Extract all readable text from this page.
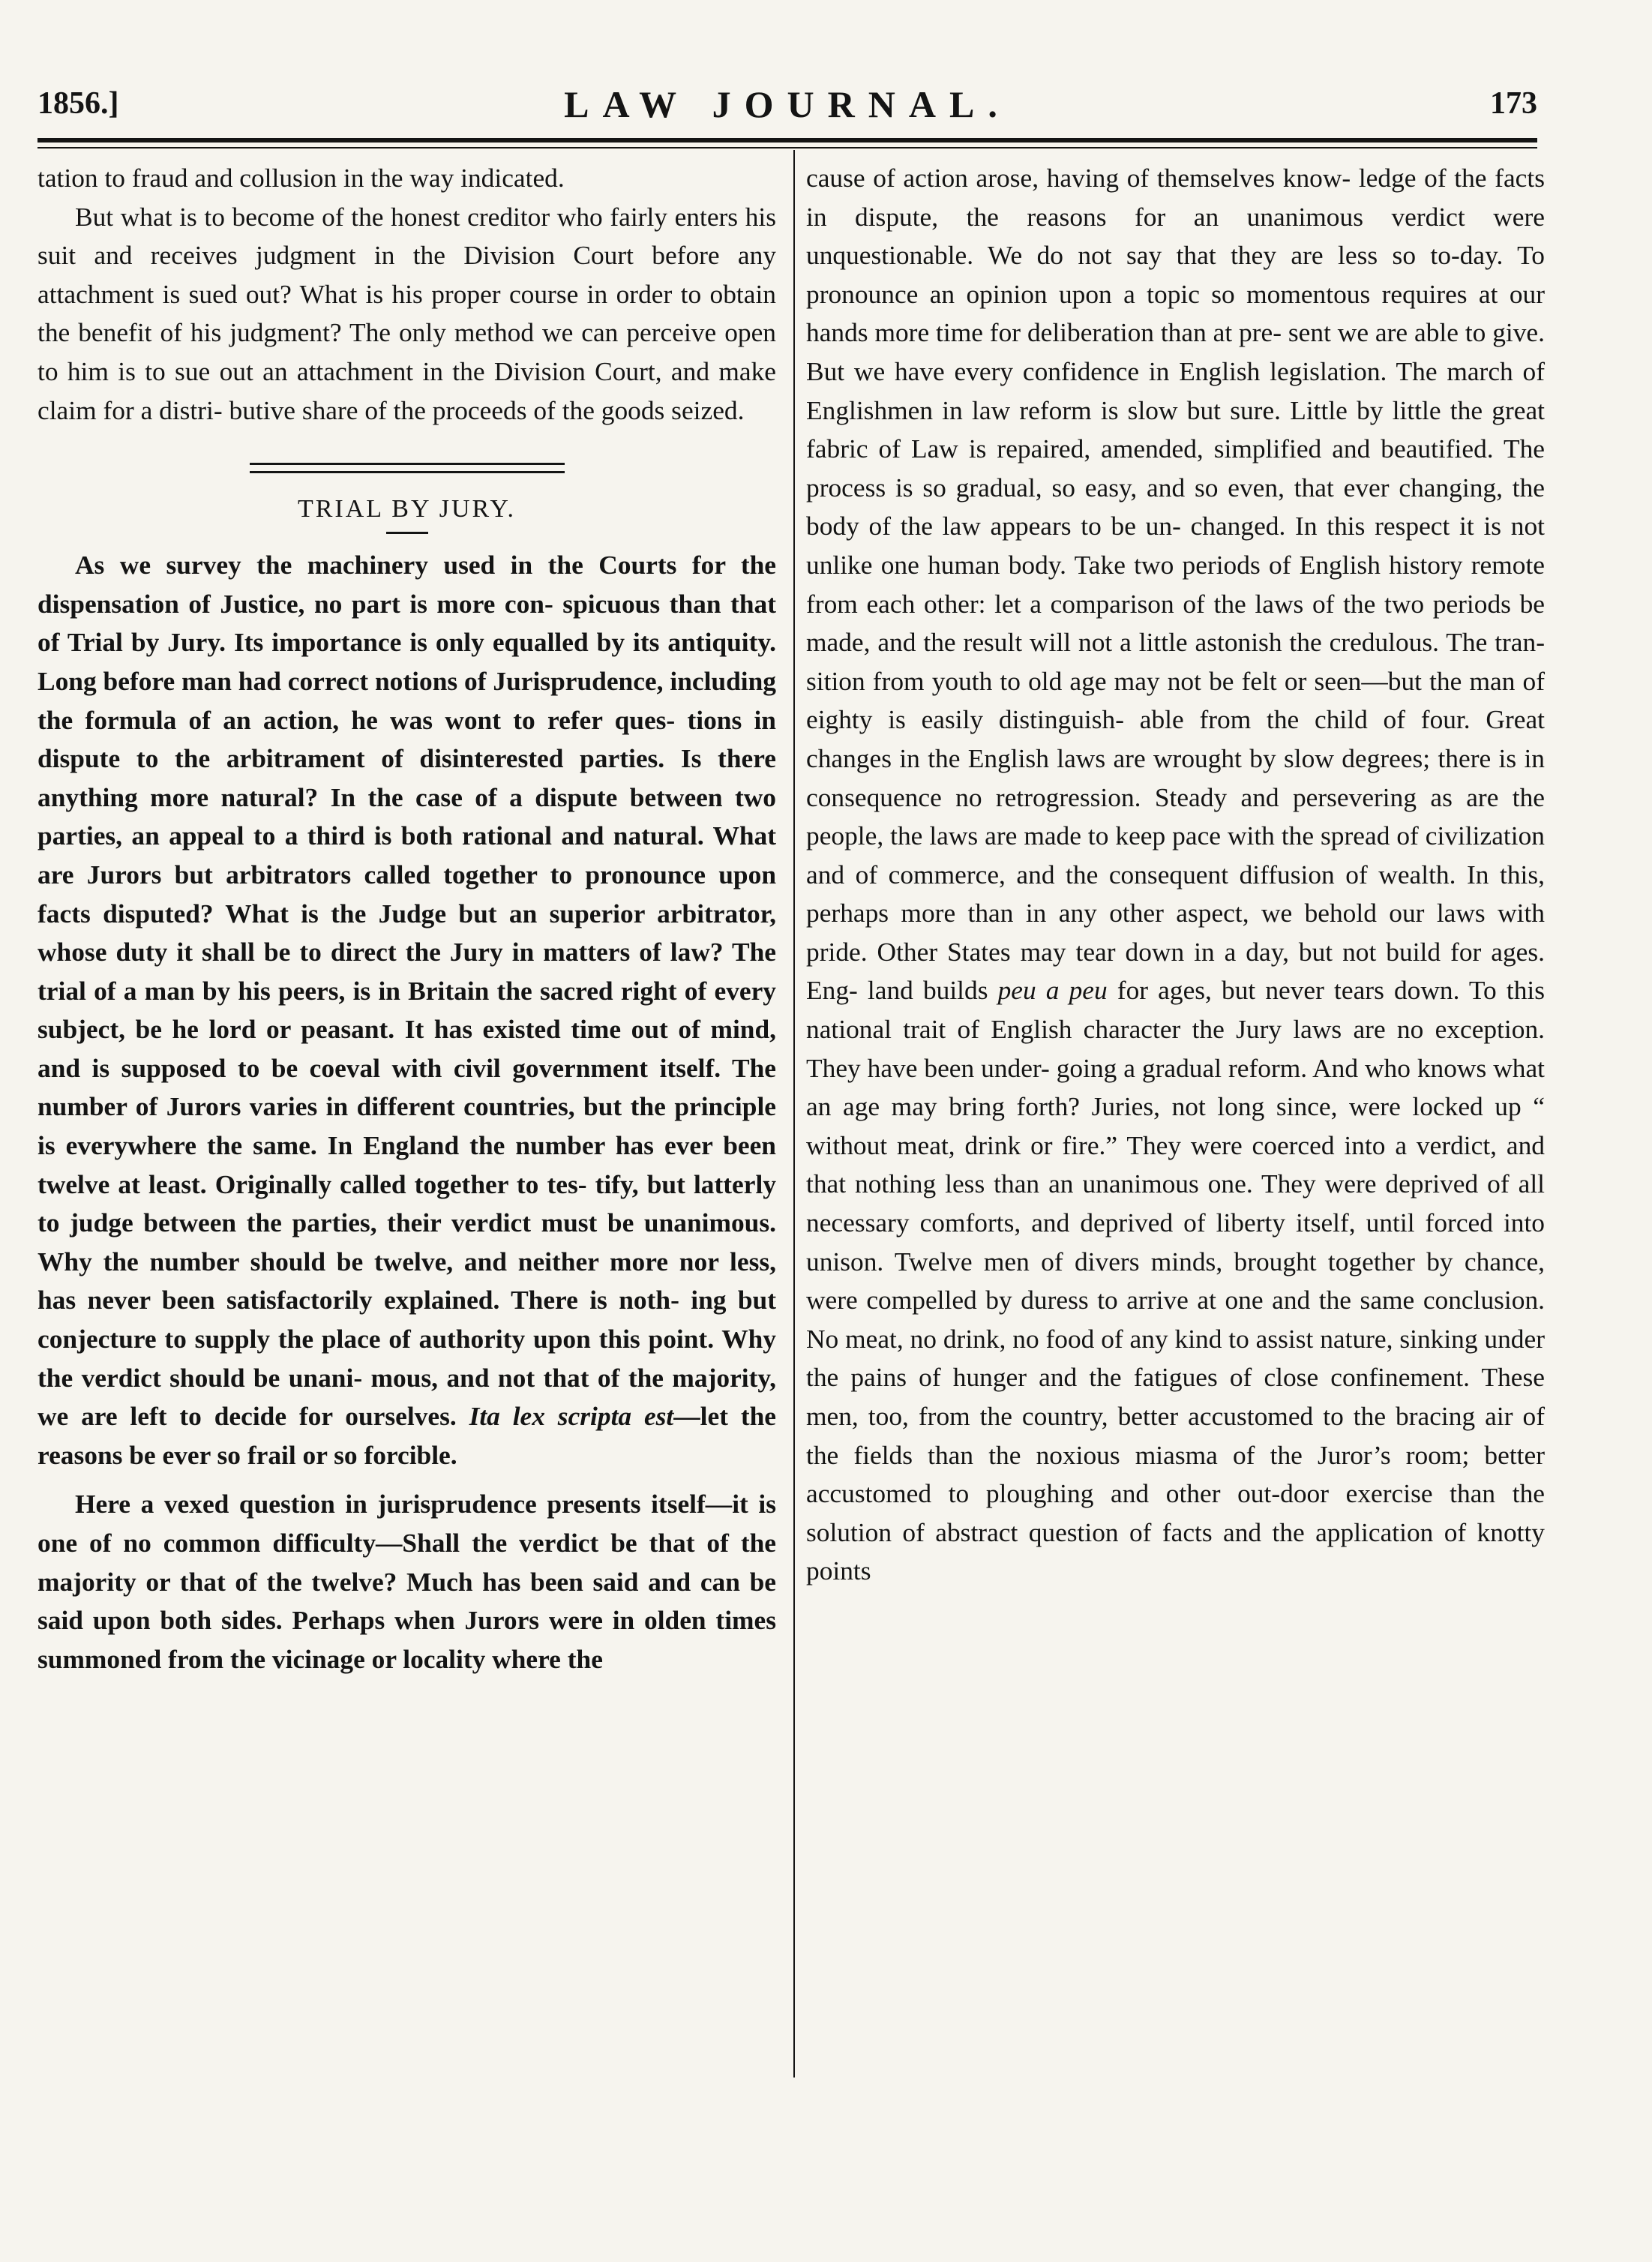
1856.]	LAW JOURNAL.	173

tation to fraud and collusion in the way indicated.

But what is to become of the honest creditor who fairly enters his suit and receives judgment in the Division Court before any attachment is sued out? What is his proper course in order to obtain the benefit of his judgment? The only method we can perceive open to him is to sue out an attachment in the Division Court, and make claim for a distri- butive share of the proceeds of the goods seized.

TRIAL BY JURY.

As we survey the machinery used in the Courts for the dispensation of Justice, no part is more con- spicuous than that of Trial by Jury. Its importance is only equalled by its antiquity. Long before man had correct notions of Jurisprudence, including the formula of an action, he was wont to refer ques- tions in dispute to the arbitrament of disinterested parties. Is there anything more natural? In the case of a dispute between two parties, an appeal to a third is both rational and natural. What are Jurors but arbitrators called together to pronounce upon facts disputed? What is the Judge but an superior arbitrator, whose duty it shall be to direct the Jury in matters of law? The trial of a man by his peers, is in Britain the sacred right of every subject, be he lord or peasant. It has existed time out of mind, and is supposed to be coeval with civil government itself. The number of Jurors varies in different countries, but the principle is everywhere the same. In England the number has ever been twelve at least. Originally called together to tes- tify, but latterly to judge between the parties, their verdict must be unanimous. Why the number should be twelve, and neither more nor less, has never been satisfactorily explained. There is noth- ing but conjecture to supply the place of authority upon this point. Why the verdict should be unani- mous, and not that of the majority, we are left to decide for ourselves. Ita lex scripta est—let the reasons be ever so frail or so forcible.

Here a vexed question in jurisprudence presents itself—it is one of no common difficulty—Shall the verdict be that of the majority or that of the twelve? Much has been said and can be said upon both sides. Perhaps when Jurors were in olden times summoned from the vicinage or locality where the

cause of action arose, having of themselves know- ledge of the facts in dispute, the reasons for an unanimous verdict were unquestionable. We do not say that they are less so to-day. To pronounce an opinion upon a topic so momentous requires at our hands more time for deliberation than at pre- sent we are able to give. But we have every confidence in English legislation. The march of Englishmen in law reform is slow but sure. Little by little the great fabric of Law is repaired, amended, simplified and beautified. The process is so gradual, so easy, and so even, that ever changing, the body of the law appears to be un- changed. In this respect it is not unlike one human body. Take two periods of English history remote from each other: let a comparison of the laws of the two periods be made, and the result will not a little astonish the credulous. The tran- sition from youth to old age may not be felt or seen—but the man of eighty is easily distinguish- able from the child of four. Great changes in the English laws are wrought by slow degrees; there is in consequence no retrogression. Steady and persevering as are the people, the laws are made to keep pace with the spread of civilization and of commerce, and the consequent diffusion of wealth. In this, perhaps more than in any other aspect, we behold our laws with pride. Other States may tear down in a day, but not build for ages. Eng- land builds peu a peu for ages, but never tears down. To this national trait of English character the Jury laws are no exception. They have been under- going a gradual reform. And who knows what an age may bring forth? Juries, not long since, were locked up “ without meat, drink or fire.” They were coerced into a verdict, and that nothing less than an unanimous one. They were deprived of all necessary comforts, and deprived of liberty itself, until forced into unison. Twelve men of divers minds, brought together by chance, were compelled by duress to arrive at one and the same conclusion. No meat, no drink, no food of any kind to assist nature, sinking under the pains of hunger and the fatigues of close confinement. These men, too, from the country, better accustomed to the bracing air of the fields than the noxious miasma of the Juror’s room; better accustomed to ploughing and other out-door exercise than the solution of abstract question of facts and the application of knotty points
